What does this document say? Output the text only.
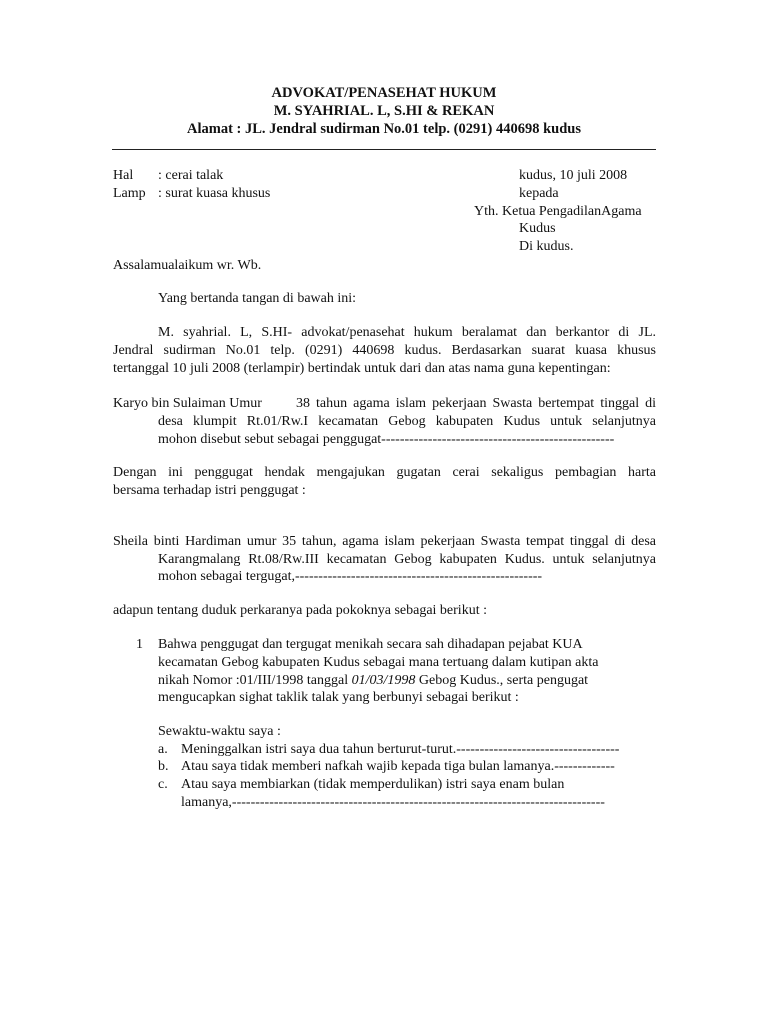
ADVOKAT/PENASEHAT HUKUM
M. SYAHRIAL. L, S.HI & REKAN
Alamat : JL. Jendral sudirman No.01 telp. (0291) 440698 kudus
Hal : cerai talak
Lamp : surat kuasa khusus
kudus, 10 juli 2008
kepada
Yth. Ketua PengadilanAgama
Kudus
Di kudus.
Assalamualaikum wr. Wb.
Yang bertanda tangan di bawah ini:
M. syahrial. L, S.HI- advokat/penasehat hukum beralamat dan berkantor di JL.
Jendral sudirman No.01 telp. (0291) 440698 kudus. Berdasarkan suarat kuasa khusus
tertanggal 10 juli 2008 (terlampir) bertindak untuk dari dan atas nama guna kepentingan:
Karyo bin Sulaiman Umur 38 tahun agama islam pekerjaan Swasta bertempat tinggal di
desa klumpit Rt.01/Rw.I kecamatan Gebog kabupaten Kudus untuk selanjutnya
mohon disebut sebut sebagai penggugat--------------------------------------------------
Dengan ini penggugat hendak mengajukan gugatan cerai sekaligus pembagian harta
bersama terhadap istri penggugat :
Sheila binti Hardiman umur 35 tahun, agama islam pekerjaan Swasta tempat tinggal di desa
Karangmalang Rt.08/Rw.III kecamatan Gebog kabupaten Kudus. untuk selanjutnya
mohon sebagai tergugat,-----------------------------------------------------
adapun tentang duduk perkaranya pada pokoknya sebagai berikut :
1 Bahwa penggugat dan tergugat menikah secara sah dihadapan pejabat KUA
kecamatan Gebog kabupaten Kudus sebagai mana tertuang dalam kutipan akta
nikah Nomor :01/III/1998 tanggal 01/03/1998 Gebog Kudus., serta pengugat
mengucapkan sighat taklik talak yang berbunyi sebagai berikut :
Sewaktu-waktu saya :
a. Meninggalkan istri saya dua tahun berturut-turut.-----------------------------------
b. Atau saya tidak memberi nafkah wajib kepada tiga bulan lamanya.-------------
c. Atau saya membiarkan (tidak memperdulikan) istri saya enam bulan
lamanya,--------------------------------------------------------------------------------
